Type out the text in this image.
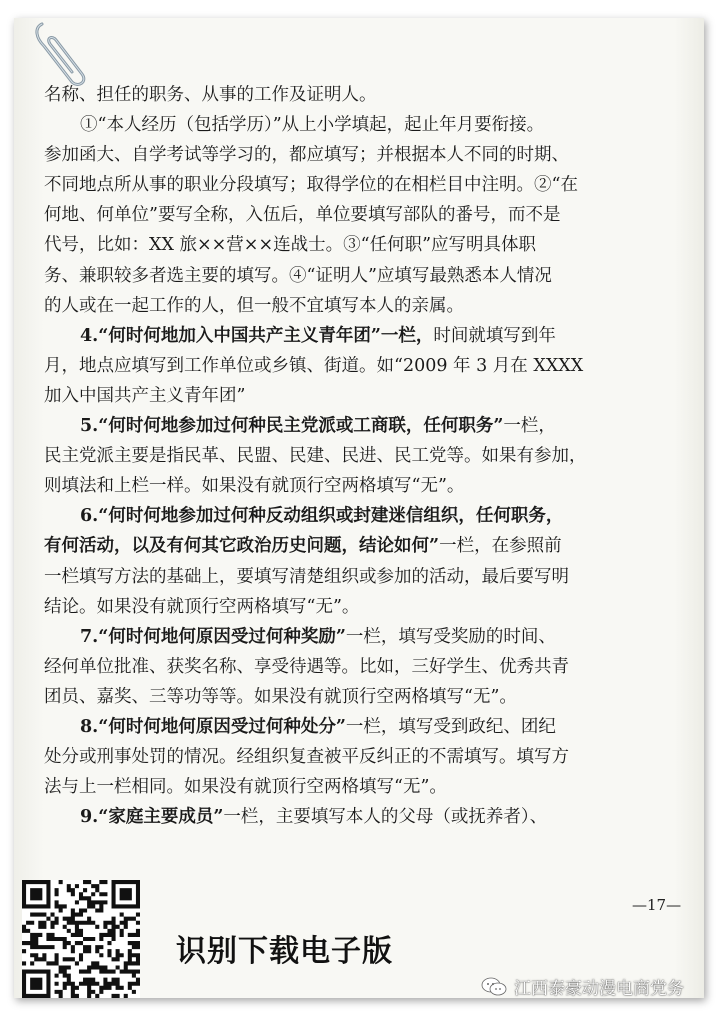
名称、担任的职务、从事的工作及证明人。
①“本人经历（包括学历）”从上小学填起，起止年月要衔接。
参加函大、自学考试等学习的，都应填写；并根据本人不同的时期、
不同地点所从事的职业分段填写；取得学位的在相栏目中注明。②“在
何地、何单位”要写全称，入伍后，单位要填写部队的番号，而不是
代号，比如：XX 旅××营××连战士。③“任何职”应写明具体职
务、兼职较多者选主要的填写。④“证明人”应填写最熟悉本人情况
的人或在一起工作的人，但一般不宜填写本人的亲属。
4.“何时何地加入中国共产主义青年团”一栏，时间就填写到年
月，地点应填写到工作单位或乡镇、街道。如“2009 年 3 月在 XXXX
加入中国共产主义青年团”
5.“何时何地参加过何种民主党派或工商联，任何职务”一栏，
民主党派主要是指民革、民盟、民建、民进、民工党等。如果有参加，
则填法和上栏一样。如果没有就顶行空两格填写“无”。
6.“何时何地参加过何种反动组织或封建迷信组织，任何职务，
有何活动，以及有何其它政治历史问题，结论如何”一栏，在参照前
一栏填写方法的基础上，要填写清楚组织或参加的活动，最后要写明
结论。如果没有就顶行空两格填写“无”。
7.“何时何地何原因受过何种奖励”一栏，填写受奖励的时间、
经何单位批准、获奖名称、享受待遇等。比如，三好学生、优秀共青
团员、嘉奖、三等功等等。如果没有就顶行空两格填写“无”。
8.“何时何地何原因受过何种处分”一栏，填写受到政纪、团纪
处分或刑事处罚的情况。经组织复查被平反纠正的不需填写。填写方
法与上一栏相同。如果没有就顶行空两格填写“无”。
9.“家庭主要成员”一栏，主要填写本人的父母（或抚养者）、
—17—
识别下载电子版
江西泰豪动漫电商党务
